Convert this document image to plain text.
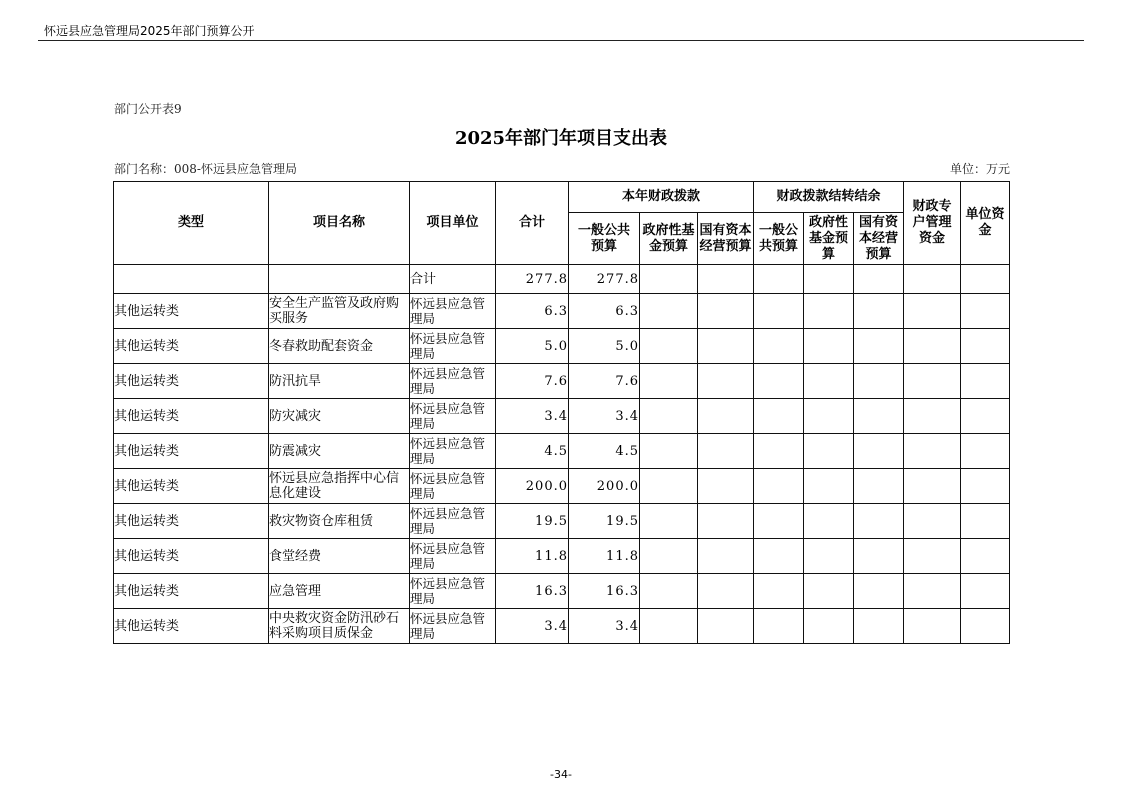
怀远县应急管理局2025年部门预算公开
部门公开表9
2025年部门年项目支出表
部门名称：008-怀远县应急管理局	单位：万元
类型	项目名称	项目单位	合计	本年财政拨款			财政拨款结转结余			财政专户管理资金	单位资金
				一般公共预算	政府性基金预算	国有资本经营预算	一般公共预算	政府性基金预算	国有资本经营预算		
		合计	277.8	277.8							
其他运转类	安全生产监管及政府购买服务	怀远县应急管理局	6.3	6.3							
其他运转类	冬春救助配套资金	怀远县应急管理局	5.0	5.0							
其他运转类	防汛抗旱	怀远县应急管理局	7.6	7.6							
其他运转类	防灾减灾	怀远县应急管理局	3.4	3.4							
其他运转类	防震减灾	怀远县应急管理局	4.5	4.5							
其他运转类	怀远县应急指挥中心信息化建设	怀远县应急管理局	200.0	200.0							
其他运转类	救灾物资仓库租赁	怀远县应急管理局	19.5	19.5							
其他运转类	食堂经费	怀远县应急管理局	11.8	11.8							
其他运转类	应急管理	怀远县应急管理局	16.3	16.3							
其他运转类	中央救灾资金防汛砂石料采购项目质保金	怀远县应急管理局	3.4	3.4							
-34-
